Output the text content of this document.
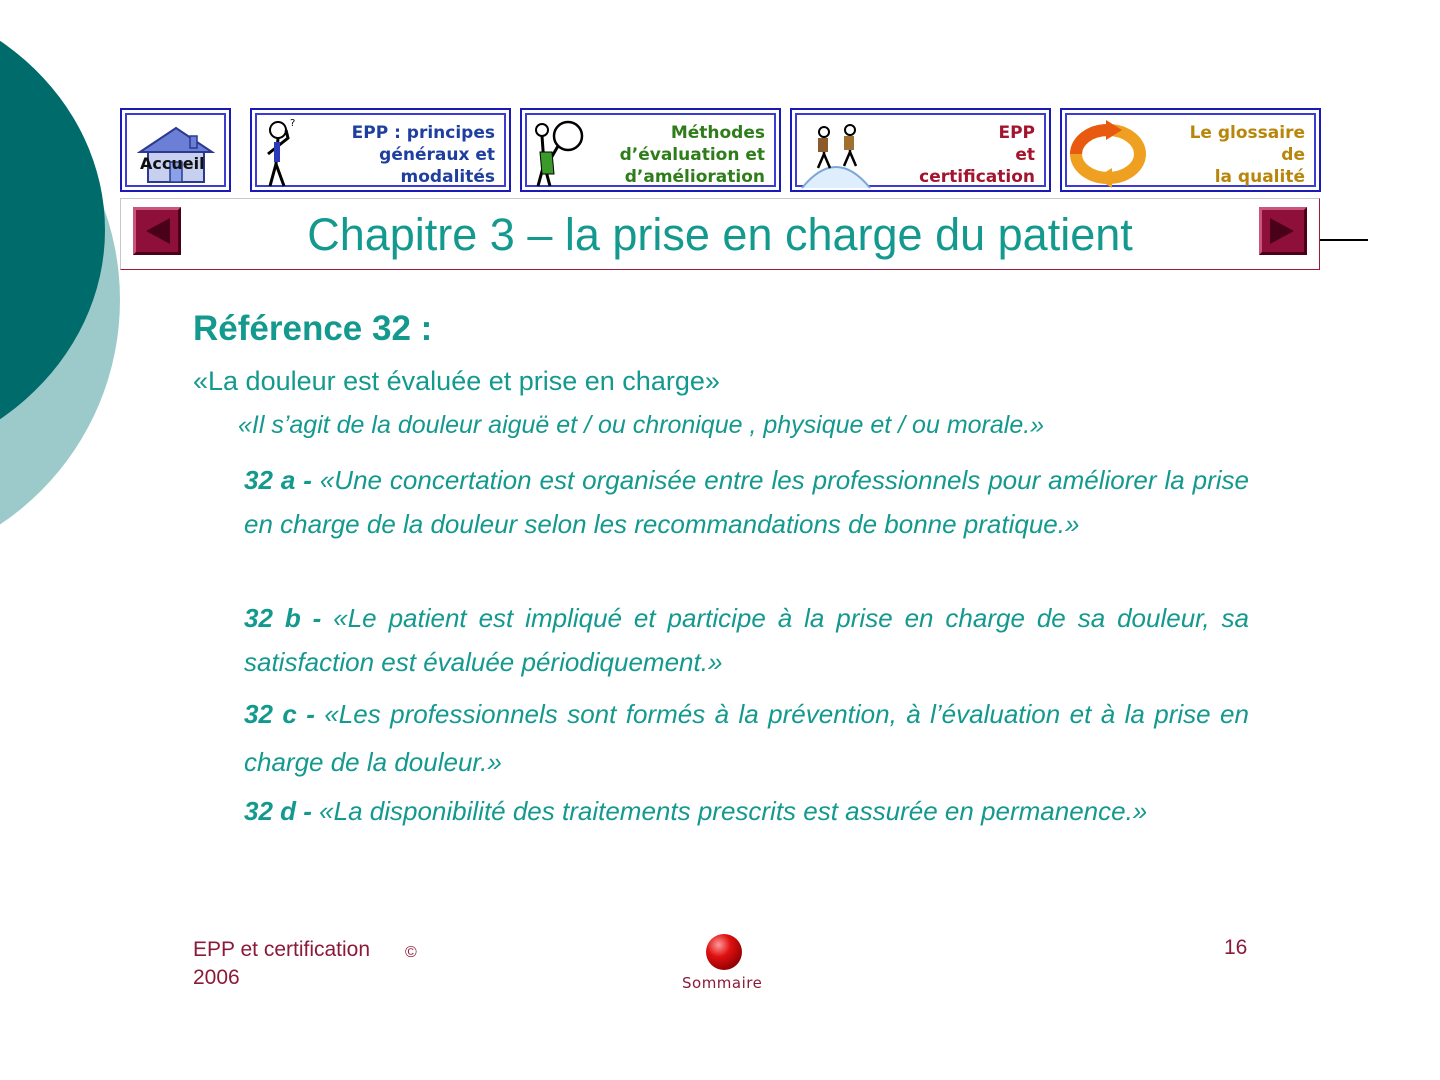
Accueil
?	EPP : principes
généraux et
modalités
Méthodes
d’évaluation et
d’amélioration
EPP
et
certification
Le glossaire
de
la qualité
Chapitre 3 – la prise en charge du patient
Référence 32 :
«La douleur est évaluée et prise en charge»
«Il s’agit de la douleur aiguë et / ou chronique , physique et / ou morale.»
32 a - «Une concertation est organisée entre les professionnels pour améliorer la prise en charge de la douleur selon les recommandations de bonne pratique.»
32 b - «Le patient est impliqué et participe à la prise en charge de sa douleur, sa satisfaction est évaluée périodiquement.»
32 c - «Les professionnels sont formés à la prévention, à l’évaluation et à la prise en charge de la douleur.»
32 d - «La disponibilité des traitements prescrits est assurée en permanence.»
EPP et certification
2006
©
Sommaire
16
